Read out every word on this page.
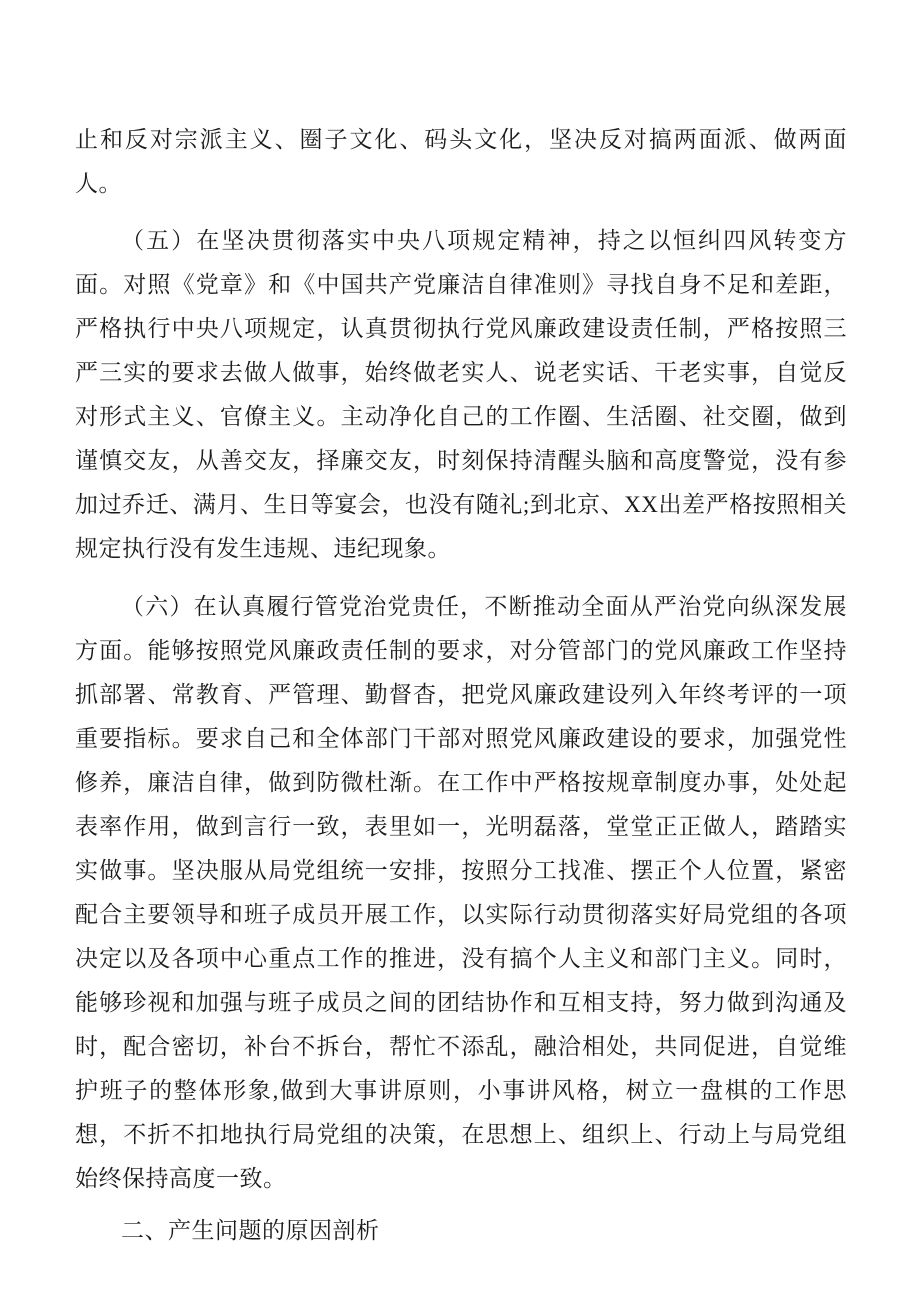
止和反对宗派主义、圈子文化、码头文化，坚决反对搞两面派、做两面人。

（五）在坚决贯彻落实中央八项规定精神，持之以恒纠四风转变方面。对照《党章》和《中国共产党廉洁自律准则》寻找自身不足和差距，严格执行中央八项规定，认真贯彻执行党风廉政建设责任制，严格按照三严三实的要求去做人做事，始终做老实人、说老实话、干老实事，自觉反对形式主义、官僚主义。主动净化自己的工作圈、生活圈、社交圈，做到谨慎交友，从善交友，择廉交友，时刻保持清醒头脑和高度警觉，没有参加过乔迁、满月、生日等宴会，也没有随礼;到北京、XX出差严格按照相关规定执行没有发生违规、违纪现象。

（六）在认真履行管党治党贵任，不断推动全面从严治党向纵深发展方面。能够按照党风廉政责任制的要求，对分管部门的党风廉政工作坚持抓部署、常教育、严管理、勤督杳，把党风廉政建设列入年终考评的一项重要指标。要求自己和全体部门干部对照党风廉政建设的要求，加强党性修养，廉洁自律，做到防微杜渐。在工作中严格按规章制度办事，处处起表率作用，做到言行一致，表里如一，光明磊落，堂堂正正做人，踏踏实实做事。坚决服从局党组统一安排，按照分工找准、摆正个人位置，紧密配合主要领导和班子成员开展工作，以实际行动贯彻落实好局党组的各项决定以及各项中心重点工作的推进，没有搞个人主义和部门主义。同时，能够珍视和加强与班子成员之间的团结协作和互相支持，努力做到沟通及时，配合密切，补台不拆台，帮忙不添乱，融洽相处，共同促进，自觉维护班子的整体形象,做到大事讲原则，小事讲风格，树立一盘棋的工作思想，不折不扣地执行局党组的决策，在思想上、组织上、行动上与局党组始终保持高度一致。

二、产生问题的原因剖析
